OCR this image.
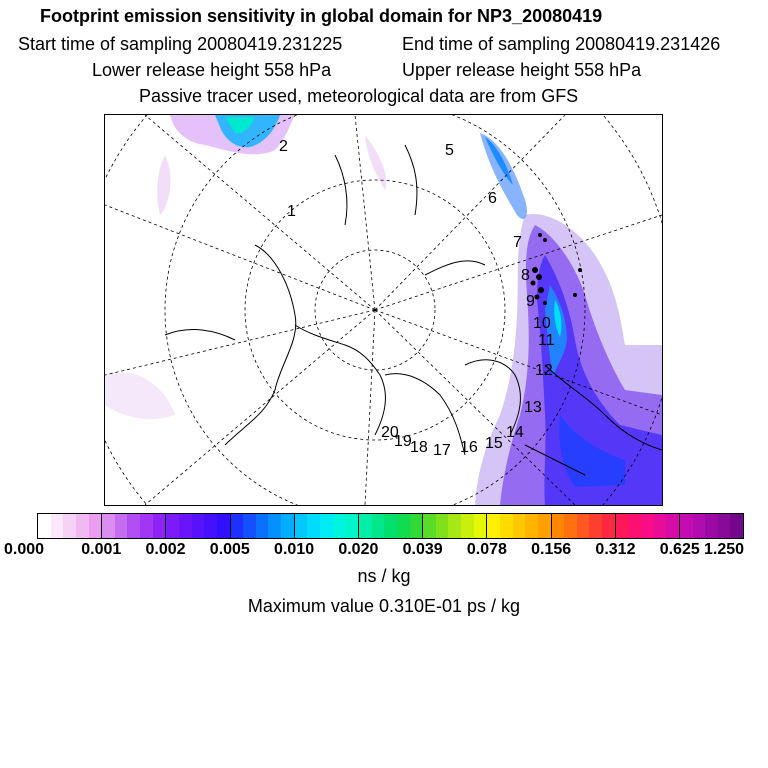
Footprint emission sensitivity in global domain for NP3_20080419
Start time of sampling 20080419.231225	End time of sampling 20080419.231426
Lower release height 558 hPa	Upper release height 558 hPa
Passive tracer used, meteorological data are from GFS
1
2	5
6
7
8
9
10
11
12
13
14
15
16
17
18
19
20
0.000 0.001 0.002 0.005 0.010 0.020 0.039 0.078 0.156 0.312 0.625 1.250
ns / kg
Maximum value 0.310E-01 ps / kg
